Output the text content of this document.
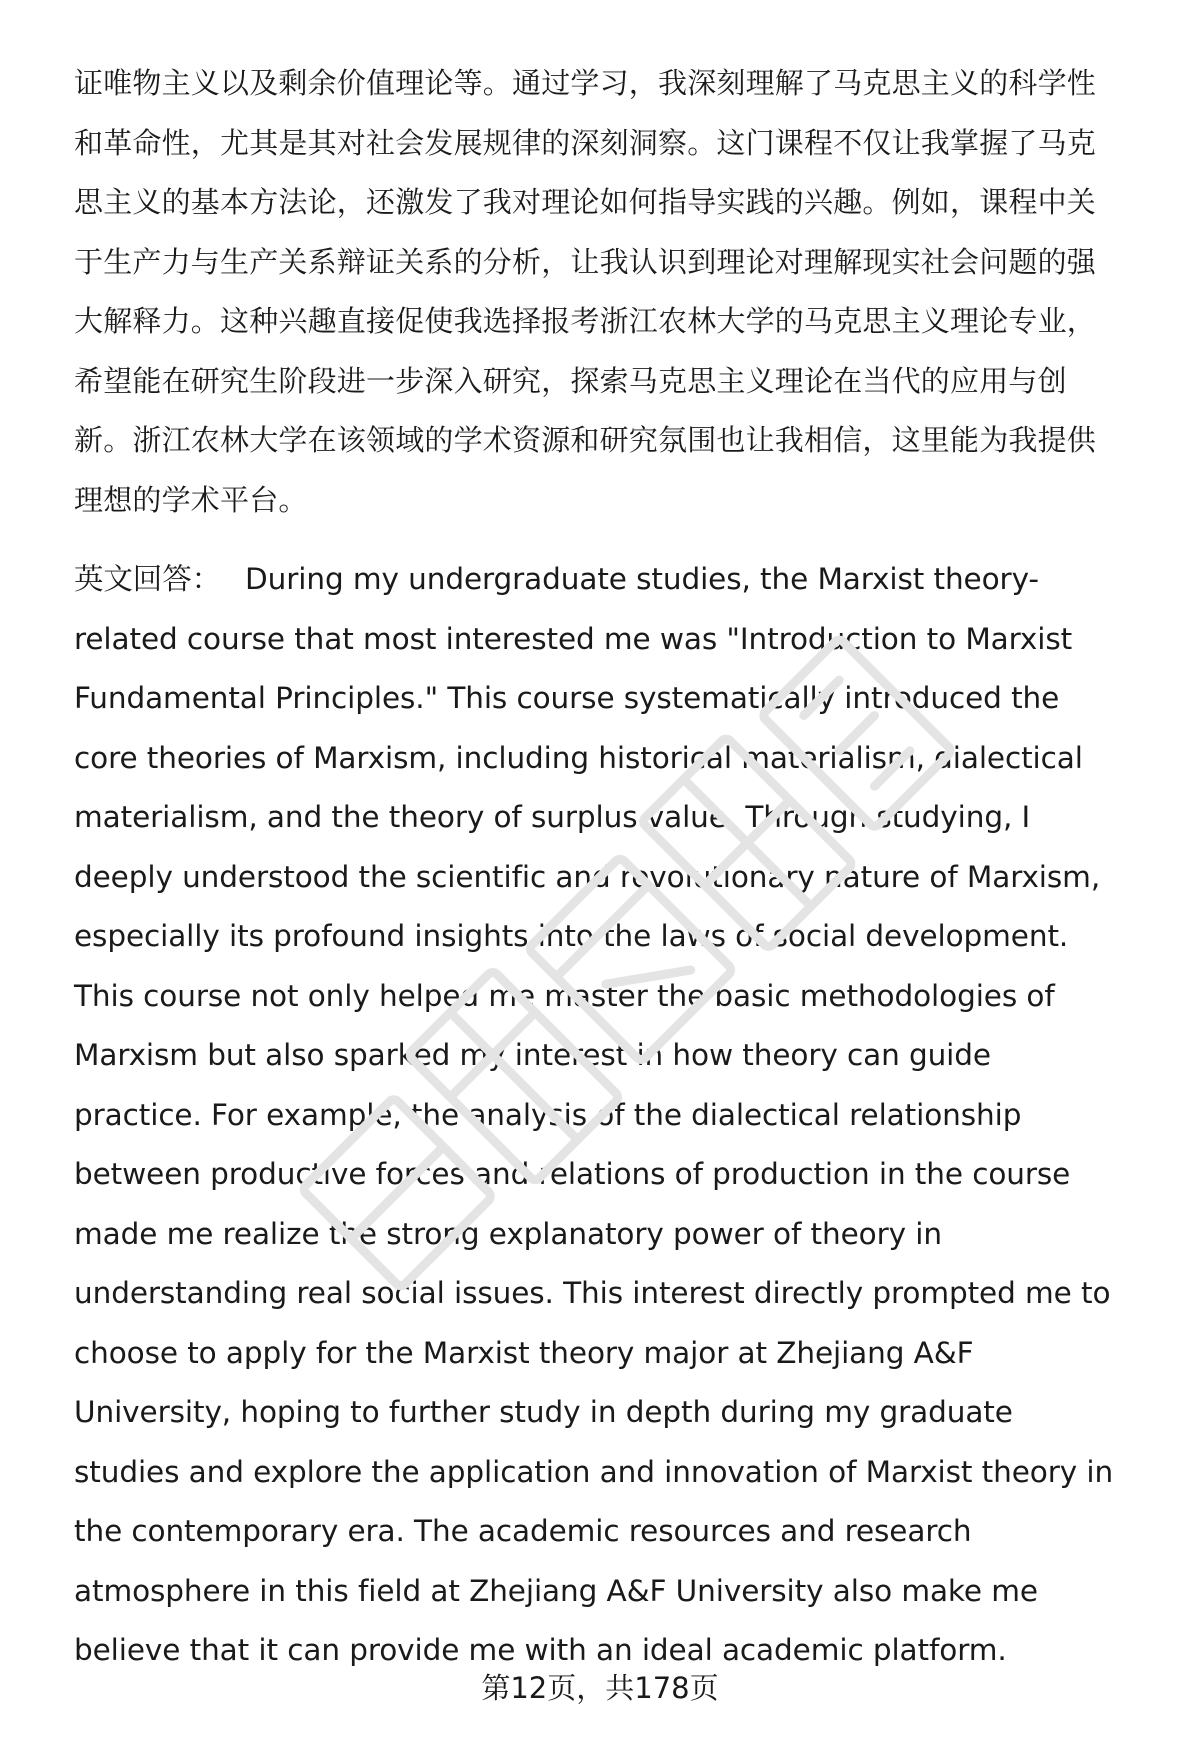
证唯物主义以及剩余价值理论等。通过学习，我深刻理解了马克思主义的科学性和革命性，尤其是其对社会发展规律的深刻洞察。这门课程不仅让我掌握了马克思主义的基本方法论，还激发了我对理论如何指导实践的兴趣。例如，课程中关于生产力与生产关系辩证关系的分析，让我认识到理论对理解现实社会问题的强大解释力。这种兴趣直接促使我选择报考浙江农林大学的马克思主义理论专业，希望能在研究生阶段进一步深入研究，探索马克思主义理论在当代的应用与创新。浙江农林大学在该领域的学术资源和研究氛围也让我相信，这里能为我提供理想的学术平台。

英文回答： During my undergraduate studies, the Marxist theory-related course that most interested me was "Introduction to Marxist Fundamental Principles." This course systematically introduced the core theories of Marxism, including historical materialism, dialectical materialism, and the theory of surplus value. Through studying, I deeply understood the scientific and revolutionary nature of Marxism, especially its profound insights into the laws of social development. This course not only helped me master the basic methodologies of Marxism but also sparked my interest in how theory can guide practice. For example, the analysis of the dialectical relationship between productive forces and relations of production in the course made me realize the strong explanatory power of theory in understanding real social issues. This interest directly prompted me to choose to apply for the Marxist theory major at Zhejiang A&F University, hoping to further study in depth during my graduate studies and explore the application and innovation of Marxist theory in the contemporary era. The academic resources and research atmosphere in this field at Zhejiang A&F University also make me believe that it can provide me with an ideal academic platform.

第12页，共178页
